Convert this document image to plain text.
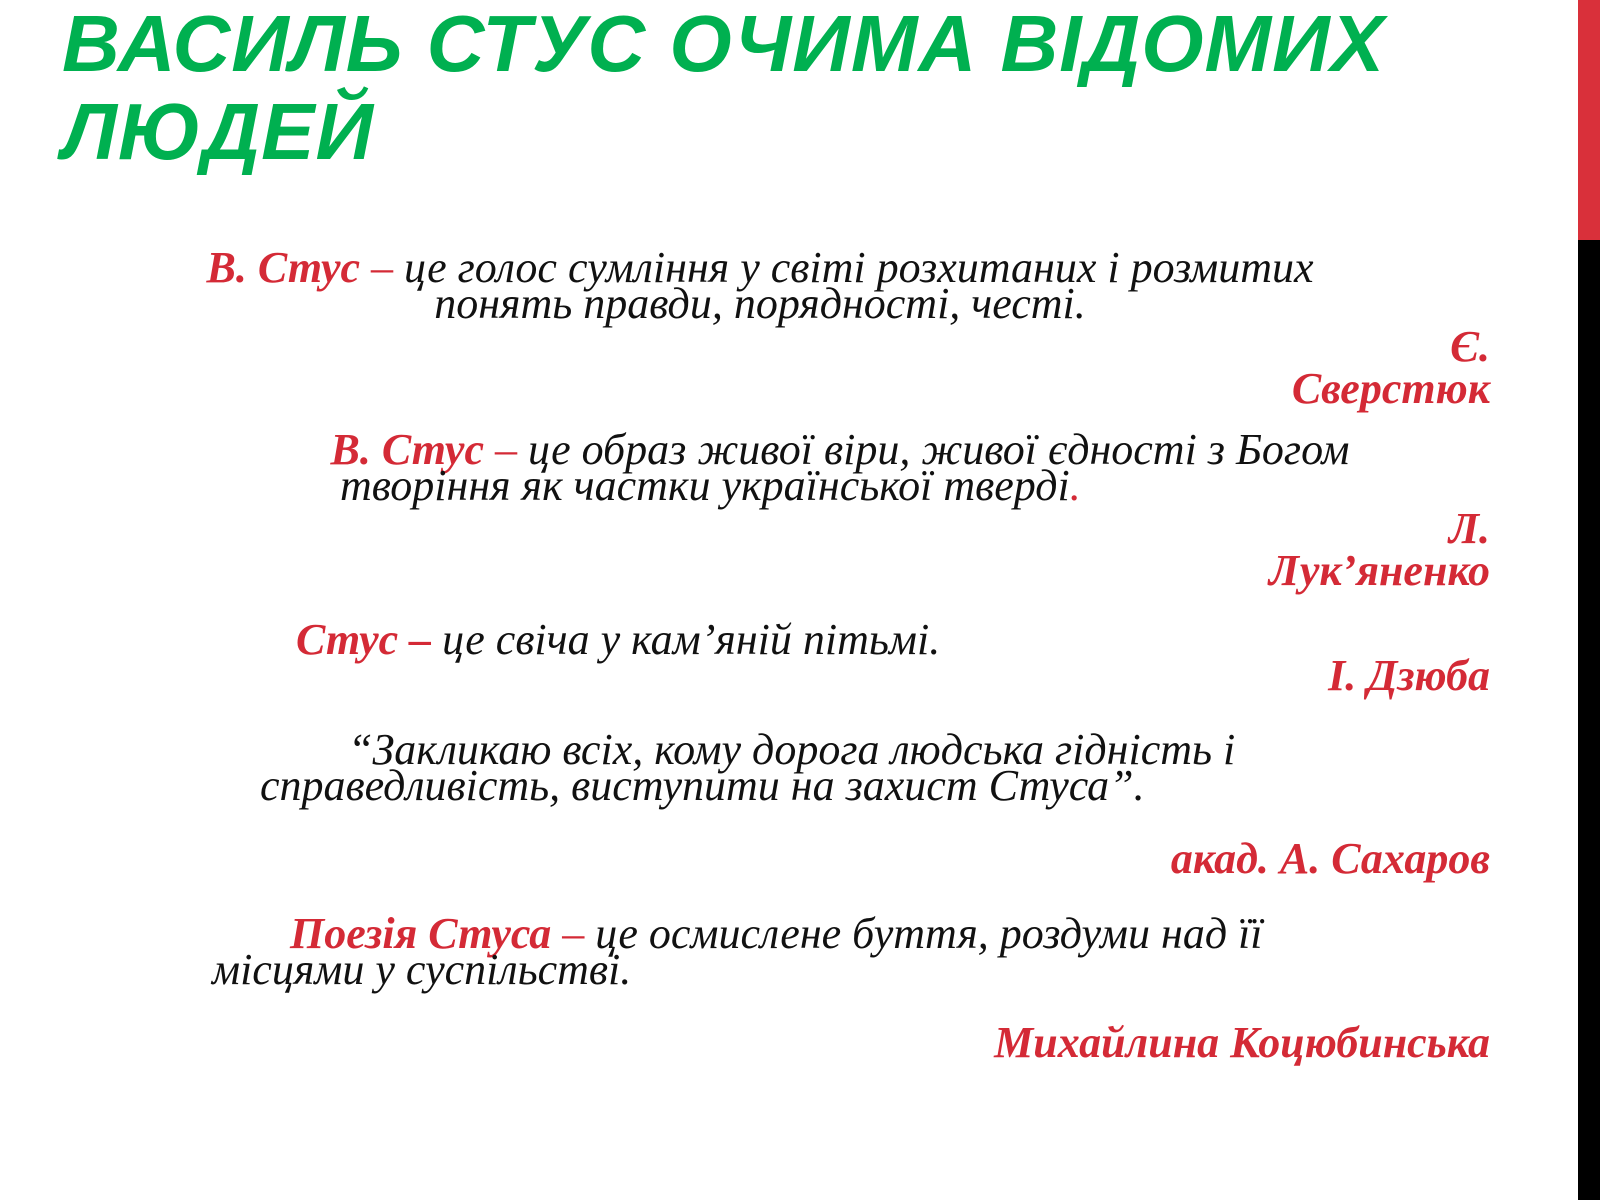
ВАСИЛЬ СТУС ОЧИМА ВІДОМИХ ЛЮДЕЙ
В. Стус – це голос сумління у світі розхитаних і розмитих
понять правди, порядності, честі.
Є.
Сверстюк
В. Стус – це образ живої віри, живої єдності з Богом
творіння як частки української тверді.
Л.
Лук’яненко
Стус – це свіча у кам’яній пітьмі.
І. Дзюба
“Закликаю всіх, кому дорога людська гідність і
справедливість, виступити на захист Стуса”.
акад. А. Сахаров
Поезія Стуса – це осмислене буття, роздуми над її
місцями у суспільстві.
Михайлина Коцюбинська
